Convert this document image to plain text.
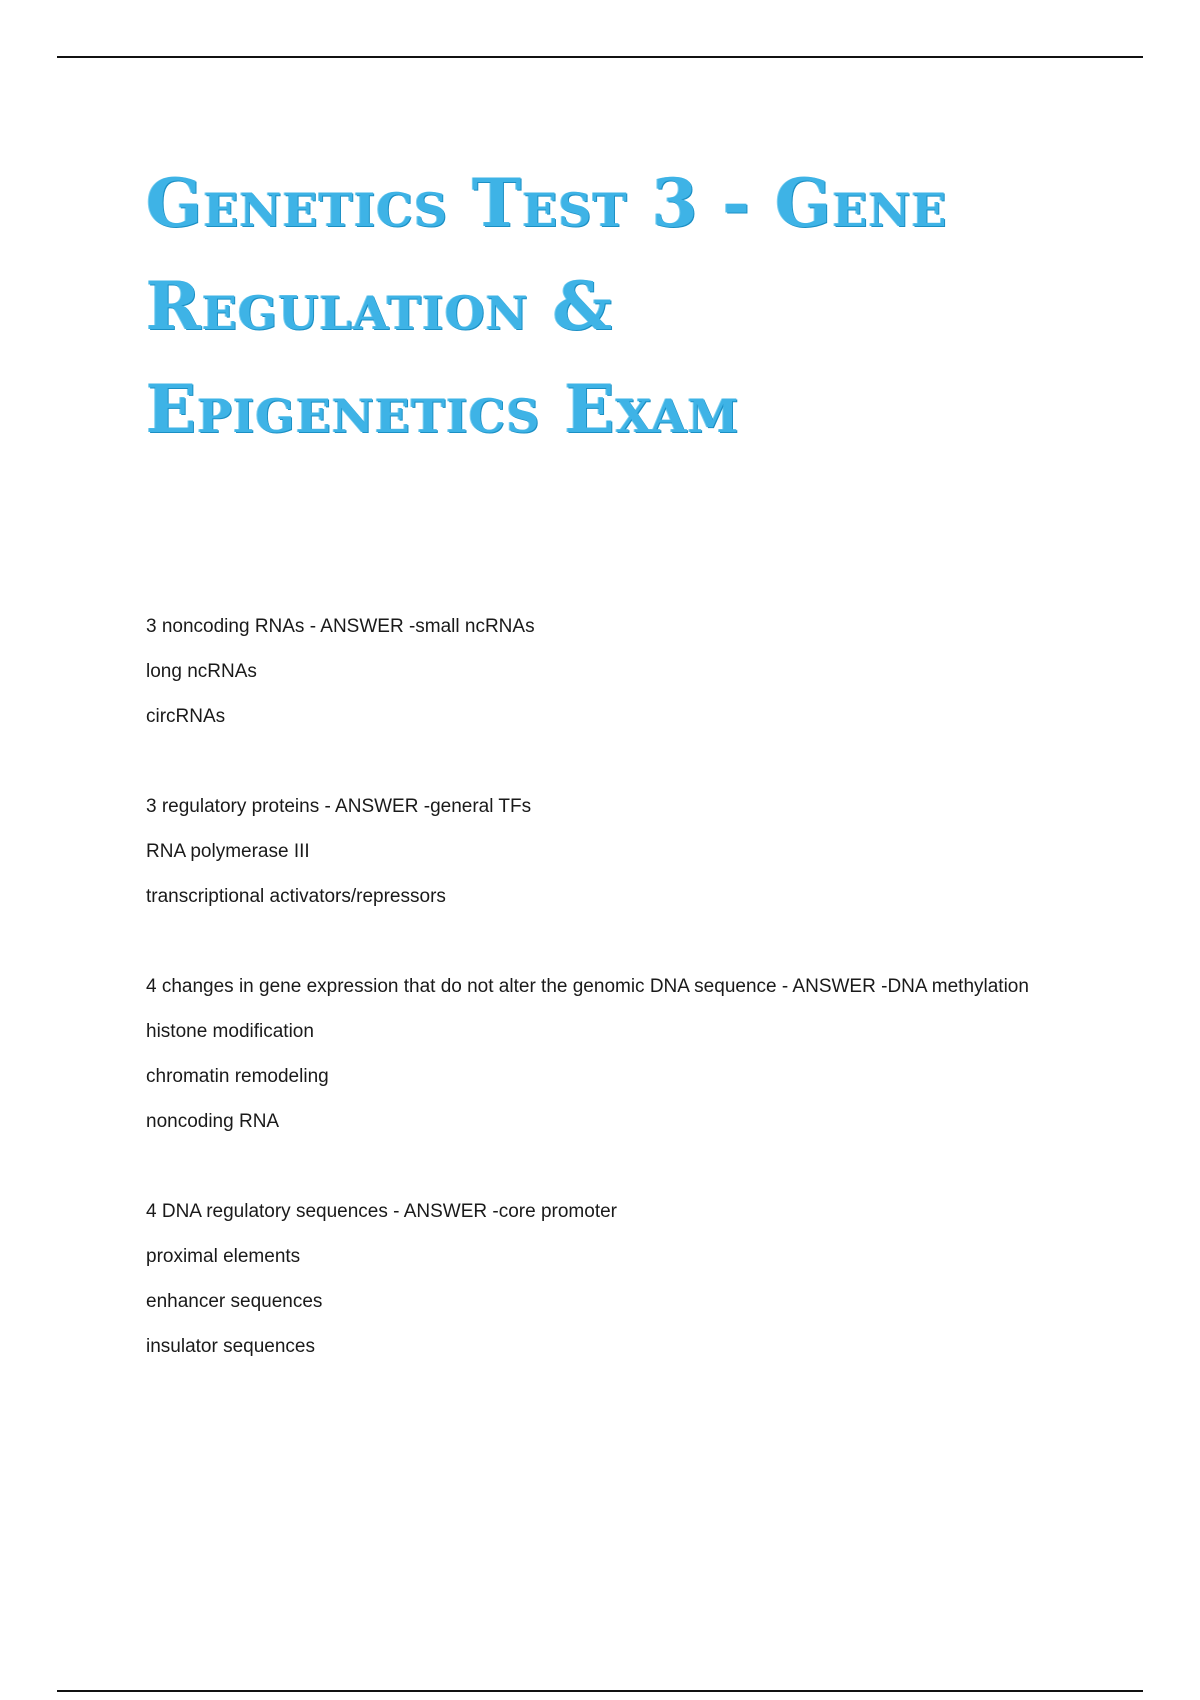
Genetics Test 3 - Gene
Regulation &
Epigenetics Exam
3 noncoding RNAs - ANSWER -small ncRNAs
long ncRNAs
circRNAs
3 regulatory proteins - ANSWER -general TFs
RNA polymerase III
transcriptional activators/repressors
4 changes in gene expression that do not alter the genomic DNA sequence - ANSWER -DNA methylation
histone modification
chromatin remodeling
noncoding RNA
4 DNA regulatory sequences - ANSWER -core promoter
proximal elements
enhancer sequences
insulator sequences
